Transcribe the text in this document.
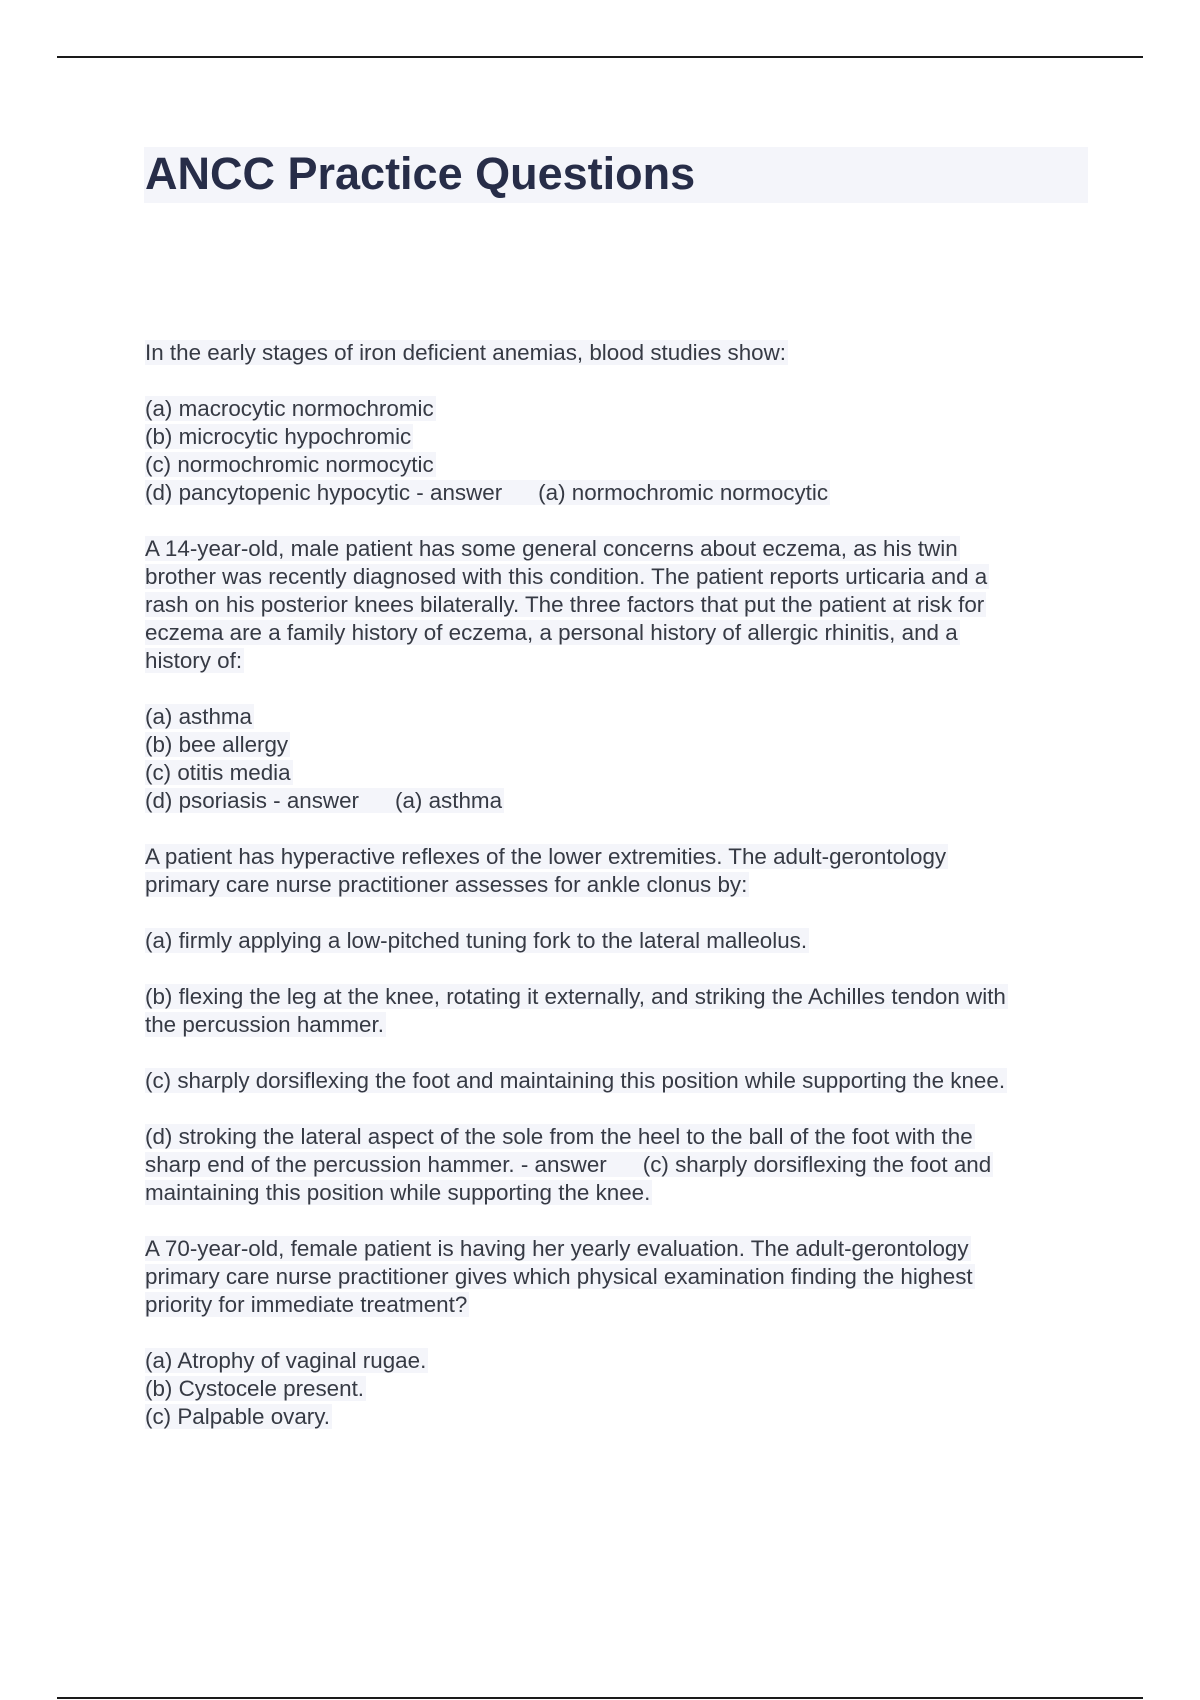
ANCC Practice Questions
In the early stages of iron deficient anemias, blood studies show:
(a) macrocytic normochromic
(b) microcytic hypochromic
(c) normochromic normocytic
(d) pancytopenic hypocytic - answer (a) normochromic normocytic
A 14-year-old, male patient has some general concerns about eczema, as his twin
brother was recently diagnosed with this condition. The patient reports urticaria and a
rash on his posterior knees bilaterally. The three factors that put the patient at risk for
eczema are a family history of eczema, a personal history of allergic rhinitis, and a
history of:
(a) asthma
(b) bee allergy
(c) otitis media
(d) psoriasis - answer (a) asthma
A patient has hyperactive reflexes of the lower extremities. The adult-gerontology
primary care nurse practitioner assesses for ankle clonus by:
(a) firmly applying a low-pitched tuning fork to the lateral malleolus.
(b) flexing the leg at the knee, rotating it externally, and striking the Achilles tendon with
the percussion hammer.
(c) sharply dorsiflexing the foot and maintaining this position while supporting the knee.
(d) stroking the lateral aspect of the sole from the heel to the ball of the foot with the
sharp end of the percussion hammer. - answer (c) sharply dorsiflexing the foot and
maintaining this position while supporting the knee.
A 70-year-old, female patient is having her yearly evaluation. The adult-gerontology
primary care nurse practitioner gives which physical examination finding the highest
priority for immediate treatment?
(a) Atrophy of vaginal rugae.
(b) Cystocele present.
(c) Palpable ovary.
